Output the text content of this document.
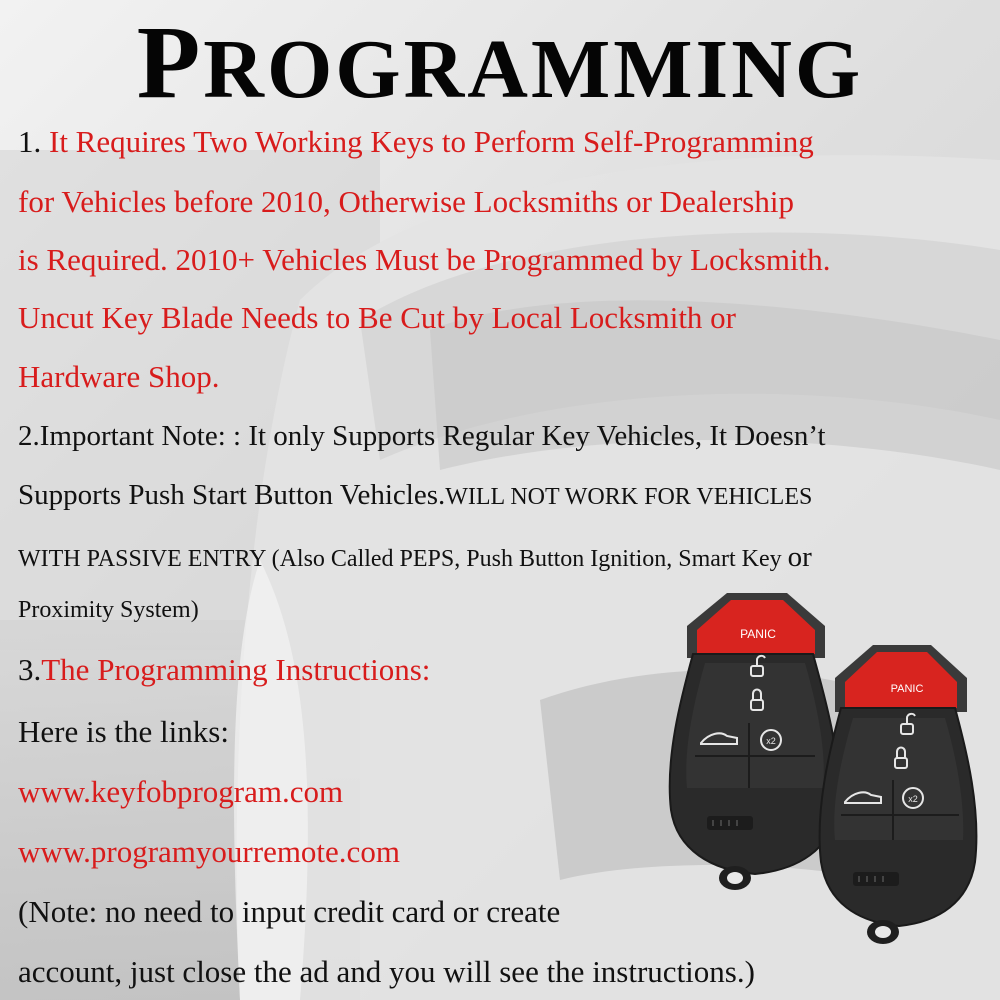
PROGRAMMING
1. It Requires Two Working Keys to Perform Self-Programming
for Vehicles before 2010, Otherwise Locksmiths or Dealership
is Required. 2010+ Vehicles Must be Programmed by Locksmith.
Uncut Key Blade Needs to Be Cut by Local Locksmith or
Hardware Shop.
2.Important Note: : It only Supports Regular Key Vehicles, It Doesn’t
Supports Push Start Button Vehicles.WILL NOT WORK FOR VEHICLES
WITH PASSIVE ENTRY (Also Called PEPS, Push Button Ignition, Smart Key or
Proximity System)
3.The Programming Instructions:
Here is the links:
www.keyfobprogram.com
www.programyourremote.com
(Note: no need to input credit card or create
account, just close the ad and you will see the instructions.)
PANIC
x2
PANIC
x2
